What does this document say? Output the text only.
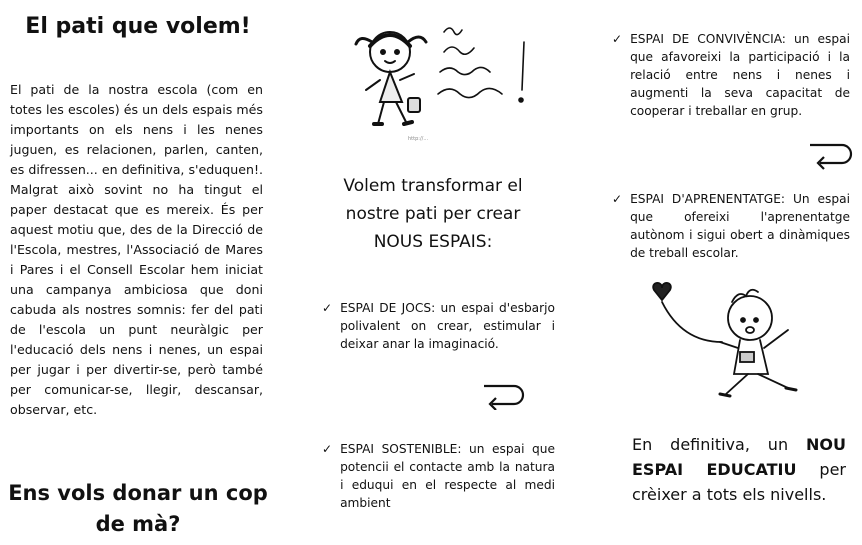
El pati que volem!

El pati de la nostra escola (com en totes les escoles) és un dels espais més importants on els nens i les nenes juguen, es relacionen, parlen, canten, es difressen... en definitiva, s'eduquen!. Malgrat això sovint no ha tingut el paper destacat que es mereix. És per aquest motiu que, des de la Direcció de l'Escola, mestres, l'Associació de Mares i Pares i el Consell Escolar hem iniciat una campanya ambiciosa que doni cabuda als nostres somnis: fer del pati de l'escola un punt neuràlgic per l'educació dels nens i nenes, un espai per jugar i per divertir-se, però també per comunicar-se, llegir, descansar, observar, etc.

Ens vols donar un cop de mà?

http://...

Volem transformar el
nostre pati per crear
NOUS ESPAIS:

✓ ESPAI DE JOCS: un espai d'esbarjo polivalent on crear, estimular i deixar anar la imaginació.

✓ ESPAI SOSTENIBLE: un espai que potencii el contacte amb la natura i eduqui en el respecte al medi ambient

✓ ESPAI DE CONVIVÈNCIA: un espai que afavoreixi la participació i la relació entre nens i nenes i augmenti la seva capacitat de cooperar i treballar en grup.

✓ ESPAI D'APRENENTATGE: Un espai que ofereixi l'aprenentatge autònom i sigui obert a dinàmiques de treball escolar.

En definitiva, un NOU ESPAI EDUCATIU per crèixer a tots els nivells.
